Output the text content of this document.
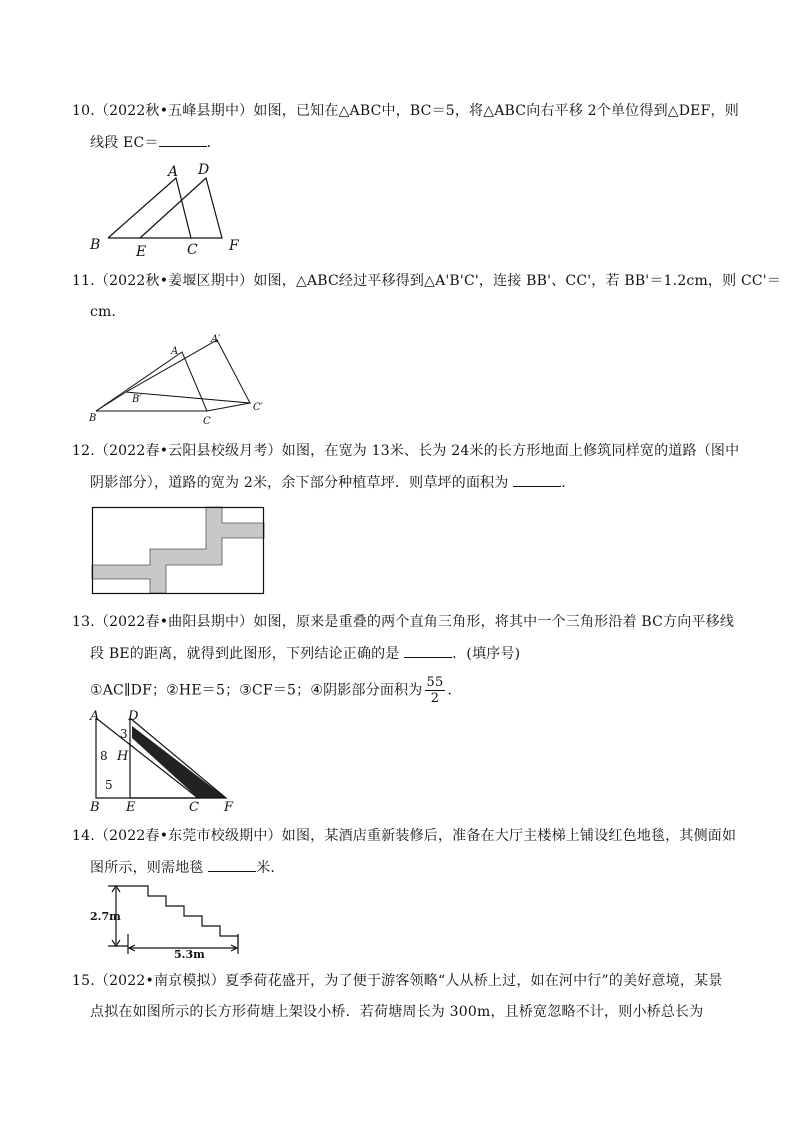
10.（2022秋•五峰县期中）如图，已知在△ABC中，BC＝5，将△ABC向右平移 2个单位得到△DEF，则
线段 EC＝	.
B
A D
E	C F
11.（2022秋•姜堰区期中）如图，△ABC经过平移得到△A'B'C'，连接 BB'、CC'，若 BB'＝1.2cm，则 CC'＝
cm．
B
A
A′
B′
C
C′
12.（2022春•云阳县校级月考）如图，在宽为 13米、长为 24米的长方形地面上修筑同样宽的道路（图中
阴影部分），道路的宽为 2米，余下部分种植草坪．则草坪的面积为	．
13.（2022春•曲阳县期中）如图，原来是重叠的两个直角三角形，将其中一个三角形沿着 BC方向平移线
段 BE的距离，就得到此图形，下列结论正确的是	．(填序号)
①AC∥DF；②HE＝5；③CF＝5；④阴影部分面积为 $\frac{55}{2}$ ．
A D
H
B E	C F
3
8
5
14.（2022春•东莞市校级期中）如图，某酒店重新装修后，准备在大厅主楼梯上铺设红色地毯，其侧面如
图所示，则需地毯	米．
2.7m
5.3m
15.（2022•南京模拟）夏季荷花盛开，为了便于游客领略“人从桥上过，如在河中行”的美好意境，某景
点拟在如图所示的长方形荷塘上架设小桥．若荷塘周长为 300m，且桥宽忽略不计，则小桥总长为
